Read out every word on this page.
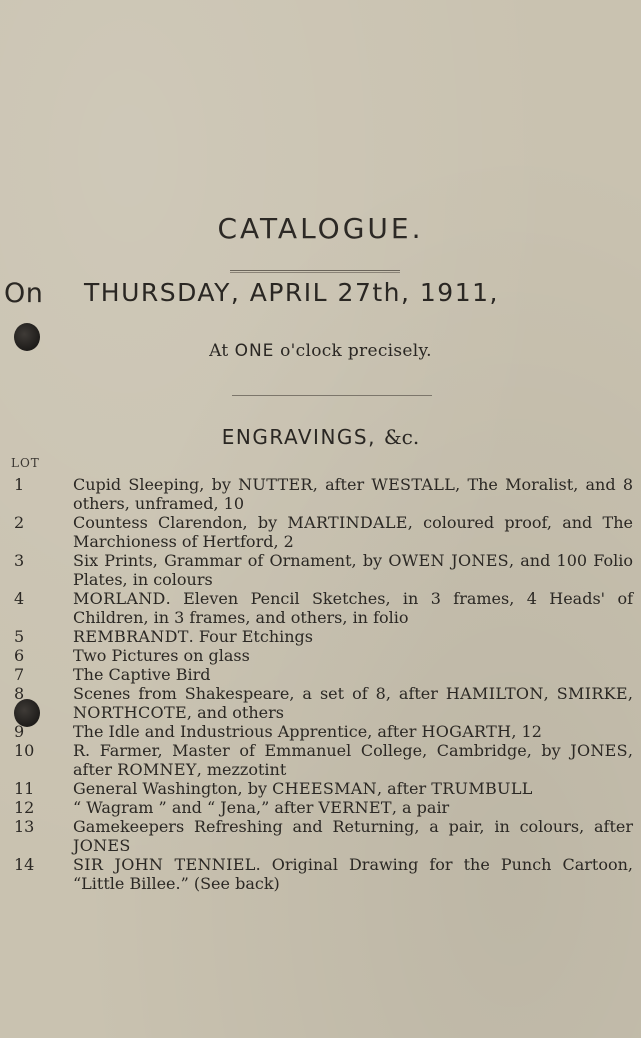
CATALOGUE.
On THURSDAY, APRIL 27th, 1911,
At ONE o'clock precisely.
ENGRAVINGS, &c.
LOT
1	Cupid Sleeping, by NUTTER, after WESTALL, The Moralist, and 8 others, unframed, 10
2	Countess Clarendon, by MARTINDALE, coloured proof, and The Marchioness of Hertford, 2
3	Six Prints, Grammar of Ornament, by OWEN JONES, and 100 Folio Plates, in colours
4	MORLAND. Eleven Pencil Sketches, in 3 frames, 4 Heads' of Children, in 3 frames, and others, in folio
5	REMBRANDT. Four Etchings
6	Two Pictures on glass
7	The Captive Bird
8	Scenes from Shakespeare, a set of 8, after HAMILTON, SMIRKE, NORTHCOTE, and others
9	The Idle and Industrious Apprentice, after HOGARTH, 12
10	R. Farmer, Master of Emmanuel College, Cambridge, by JONES, after ROMNEY, mezzotint
11	General Washington, by CHEESMAN, after TRUMBULL
12	“ Wagram ” and “ Jena,” after VERNET, a pair
13	Gamekeepers Refreshing and Returning, a pair, in colours, after JONES
14	SIR JOHN TENNIEL. Original Drawing for the Punch Cartoon, “Little Billee.” (See back)
